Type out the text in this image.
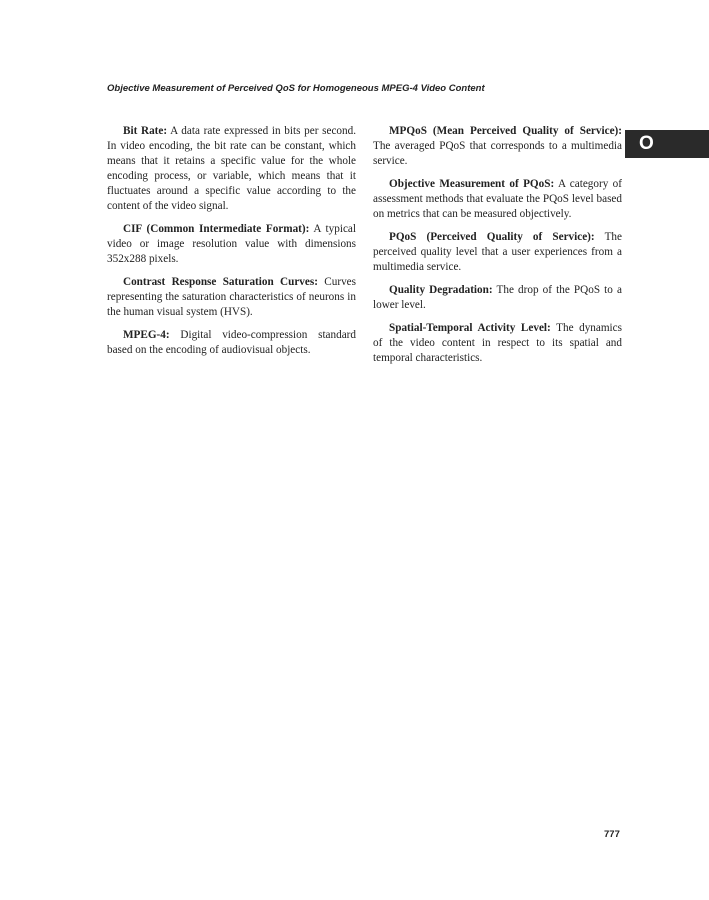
Objective Measurement of Perceived QoS for Homogeneous MPEG-4 Video Content
O

Bit Rate: A data rate expressed in bits per second. In video encoding, the bit rate can be constant, which means that it retains a specific value for the whole encoding process, or variable, which means that it fluctuates around a specific value according to the content of the video signal.

CIF (Common Intermediate Format): A typical video or image resolution value with dimensions 352x288 pixels.

Contrast Response Saturation Curves: Curves representing the saturation characteristics of neurons in the human visual system (HVS).

MPEG-4: Digital video-compression standard based on the encoding of audiovisual objects.

MPQoS (Mean Perceived Quality of Service): The averaged PQoS that corresponds to a multimedia service.

Objective Measurement of PQoS: A category of assessment methods that evaluate the PQoS level based on metrics that can be measured objectively.

PQoS (Perceived Quality of Service): The perceived quality level that a user experiences from a multimedia service.

Quality Degradation: The drop of the PQoS to a lower level.

Spatial-Temporal Activity Level: The dynamics of the video content in respect to its spatial and temporal characteristics.

777
